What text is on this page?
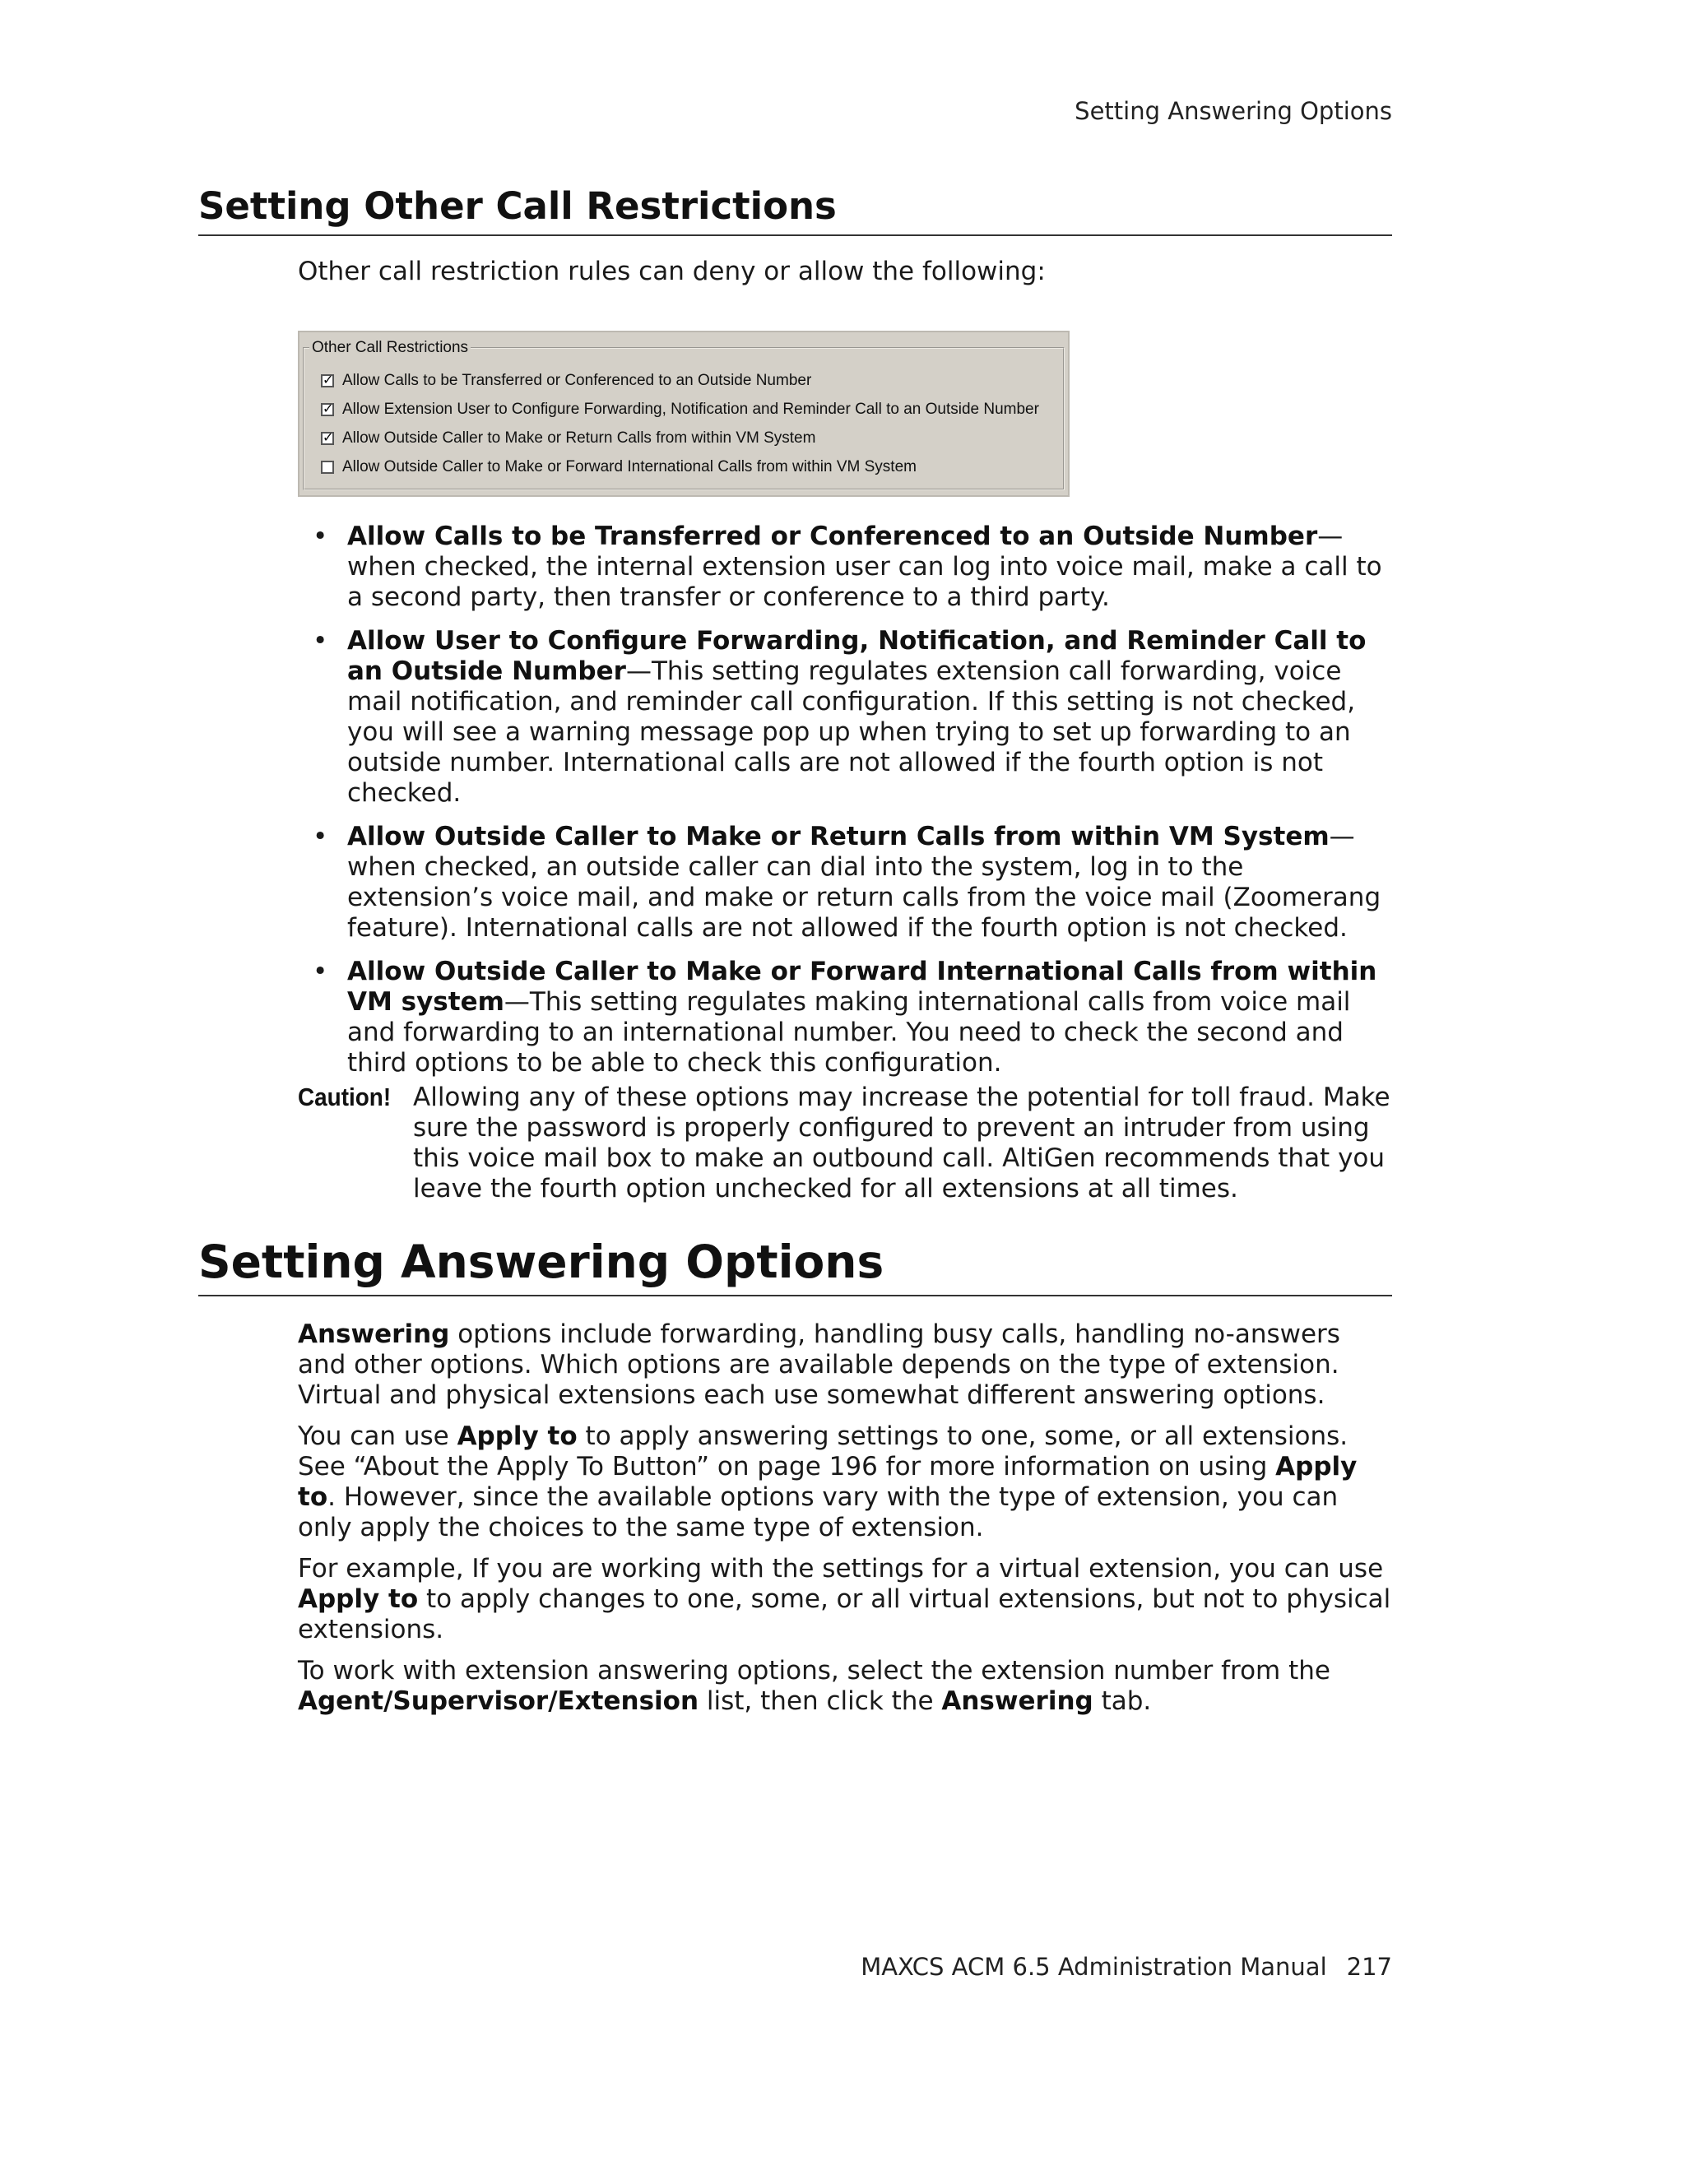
Setting Answering Options
Setting Other Call Restrictions

Other call restriction rules can deny or allow the following:

Other Call Restrictions
✓ Allow Calls to be Transferred or Conferenced to an Outside Number
✓ Allow Extension User to Configure Forwarding, Notification and Reminder Call to an Outside Number
✓ Allow Outside Caller to Make or Return Calls from within VM System
Allow Outside Caller to Make or Forward International Calls from within VM System
• Allow Calls to be Transferred or Conferenced to an Outside Number—when checked, the internal extension user can log into voice mail, make a call to a second party, then transfer or conference to a third party.
• Allow User to Configure Forwarding, Notification, and Reminder Call to an Outside Number—This setting regulates extension call forwarding, voice mail notification, and reminder call configuration. If this setting is not checked, you will see a warning message pop up when trying to set up forwarding to an outside number. International calls are not allowed if the fourth option is not checked.
• Allow Outside Caller to Make or Return Calls from within VM System—when checked, an outside caller can dial into the system, log in to the extension’s voice mail, and make or return calls from the voice mail (Zoomerang feature). International calls are not allowed if the fourth option is not checked.
• Allow Outside Caller to Make or Forward International Calls from within VM system—This setting regulates making international calls from voice mail and forwarding to an international number. You need to check the second and third options to be able to check this configuration.
Caution! Allowing any of these options may increase the potential for toll fraud. Make sure the password is properly configured to prevent an intruder from using this voice mail box to make an outbound call. AltiGen recommends that you leave the fourth option unchecked for all extensions at all times.

Setting Answering Options

Answering options include forwarding, handling busy calls, handling no-answers and other options. Which options are available depends on the type of extension. Virtual and physical extensions each use somewhat different answering options.

You can use Apply to to apply answering settings to one, some, or all extensions. See “About the Apply To Button” on page 196 for more information on using Apply to. However, since the available options vary with the type of extension, you can only apply the choices to the same type of extension.

For example, If you are working with the settings for a virtual extension, you can use Apply to to apply changes to one, some, or all virtual extensions, but not to physical extensions.

To work with extension answering options, select the extension number from the Agent/Supervisor/Extension list, then click the Answering tab.

MAXCS ACM 6.5 Administration Manual 217
